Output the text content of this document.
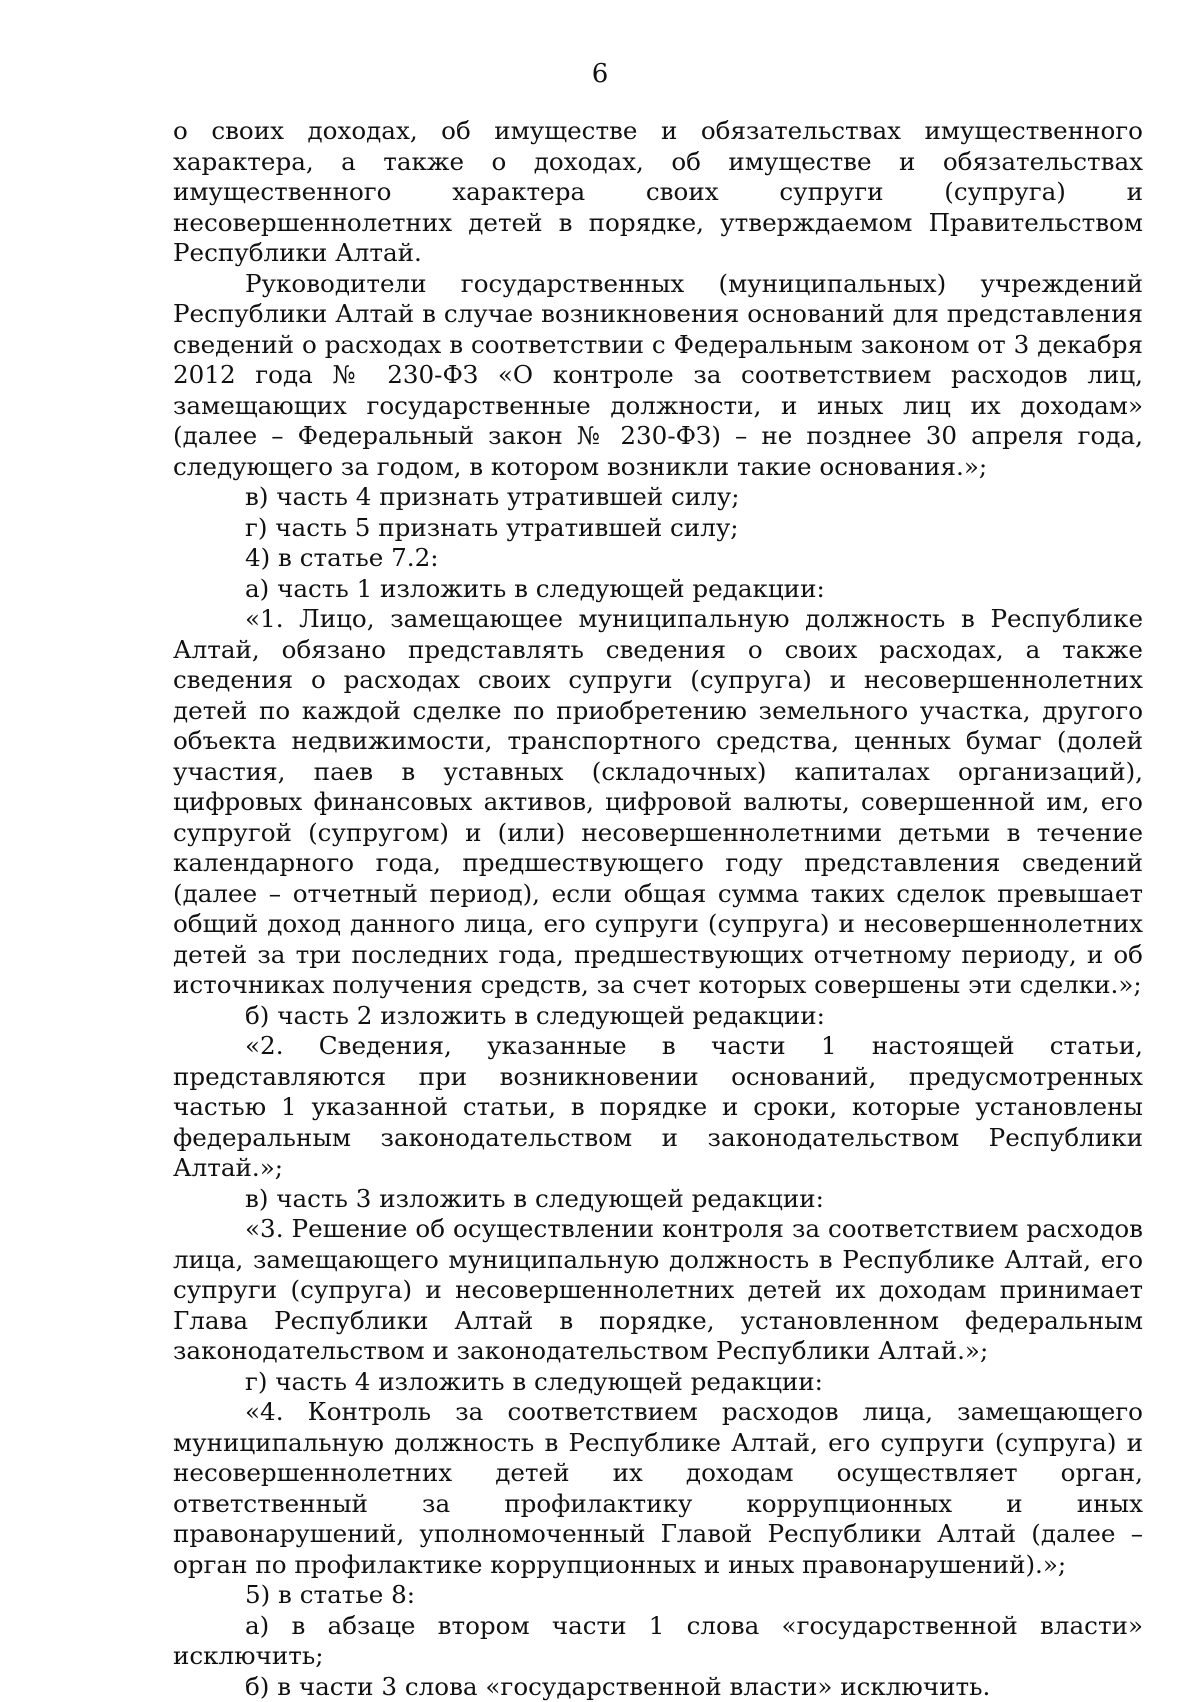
6

о своих доходах, об имуществе и обязательствах имущественного характера, а также о доходах, об имуществе и обязательствах имущественного характера своих супруги (супруга) и несовершеннолетних детей в порядке, утверждаемом Правительством Республики Алтай.

Руководители государственных (муниципальных) учреждений Республики Алтай в случае возникновения оснований для представления сведений о расходах в соответствии с Федеральным законом от 3 декабря 2012 года № 230-ФЗ «О контроле за соответствием расходов лиц, замещающих государственные должности, и иных лиц их доходам» (далее – Федеральный закон № 230-ФЗ) – не позднее 30 апреля года, следующего за годом, в котором возникли такие основания.»;

в) часть 4 признать утратившей силу;

г) часть 5 признать утратившей силу;

4) в статье 7.2:

а) часть 1 изложить в следующей редакции:

«1. Лицо, замещающее муниципальную должность в Республике Алтай, обязано представлять сведения о своих расходах, а также сведения о расходах своих супруги (супруга) и несовершеннолетних детей по каждой сделке по приобретению земельного участка, другого объекта недвижимости, транспортного средства, ценных бумаг (долей участия, паев в уставных (складочных) капиталах организаций), цифровых финансовых активов, цифровой валюты, совершенной им, его супругой (супругом) и (или) несовершеннолетними детьми в течение календарного года, предшествующего году представления сведений (далее – отчетный период), если общая сумма таких сделок превышает общий доход данного лица, его супруги (супруга) и несовершеннолетних детей за три последних года, предшествующих отчетному периоду, и об источниках получения средств, за счет которых совершены эти сделки.»;

б) часть 2 изложить в следующей редакции:

«2. Сведения, указанные в части 1 настоящей статьи, представляются при возникновении оснований, предусмотренных частью 1 указанной статьи, в порядке и сроки, которые установлены федеральным законодательством и законодательством Республики Алтай.»;

в) часть 3 изложить в следующей редакции:

«3. Решение об осуществлении контроля за соответствием расходов лица, замещающего муниципальную должность в Республике Алтай, его супруги (супруга) и несовершеннолетних детей их доходам принимает Глава Республики Алтай в порядке, установленном федеральным законодательством и законодательством Республики Алтай.»;

г) часть 4 изложить в следующей редакции:

«4. Контроль за соответствием расходов лица, замещающего муниципальную должность в Республике Алтай, его супруги (супруга) и несовершеннолетних детей их доходам осуществляет орган, ответственный за профилактику коррупционных и иных правонарушений, уполномоченный Главой Республики Алтай (далее – орган по профилактике коррупционных и иных правонарушений).»;

5) в статье 8:

а) в абзаце втором части 1 слова «государственной власти» исключить;

б) в части 3 слова «государственной власти» исключить.
